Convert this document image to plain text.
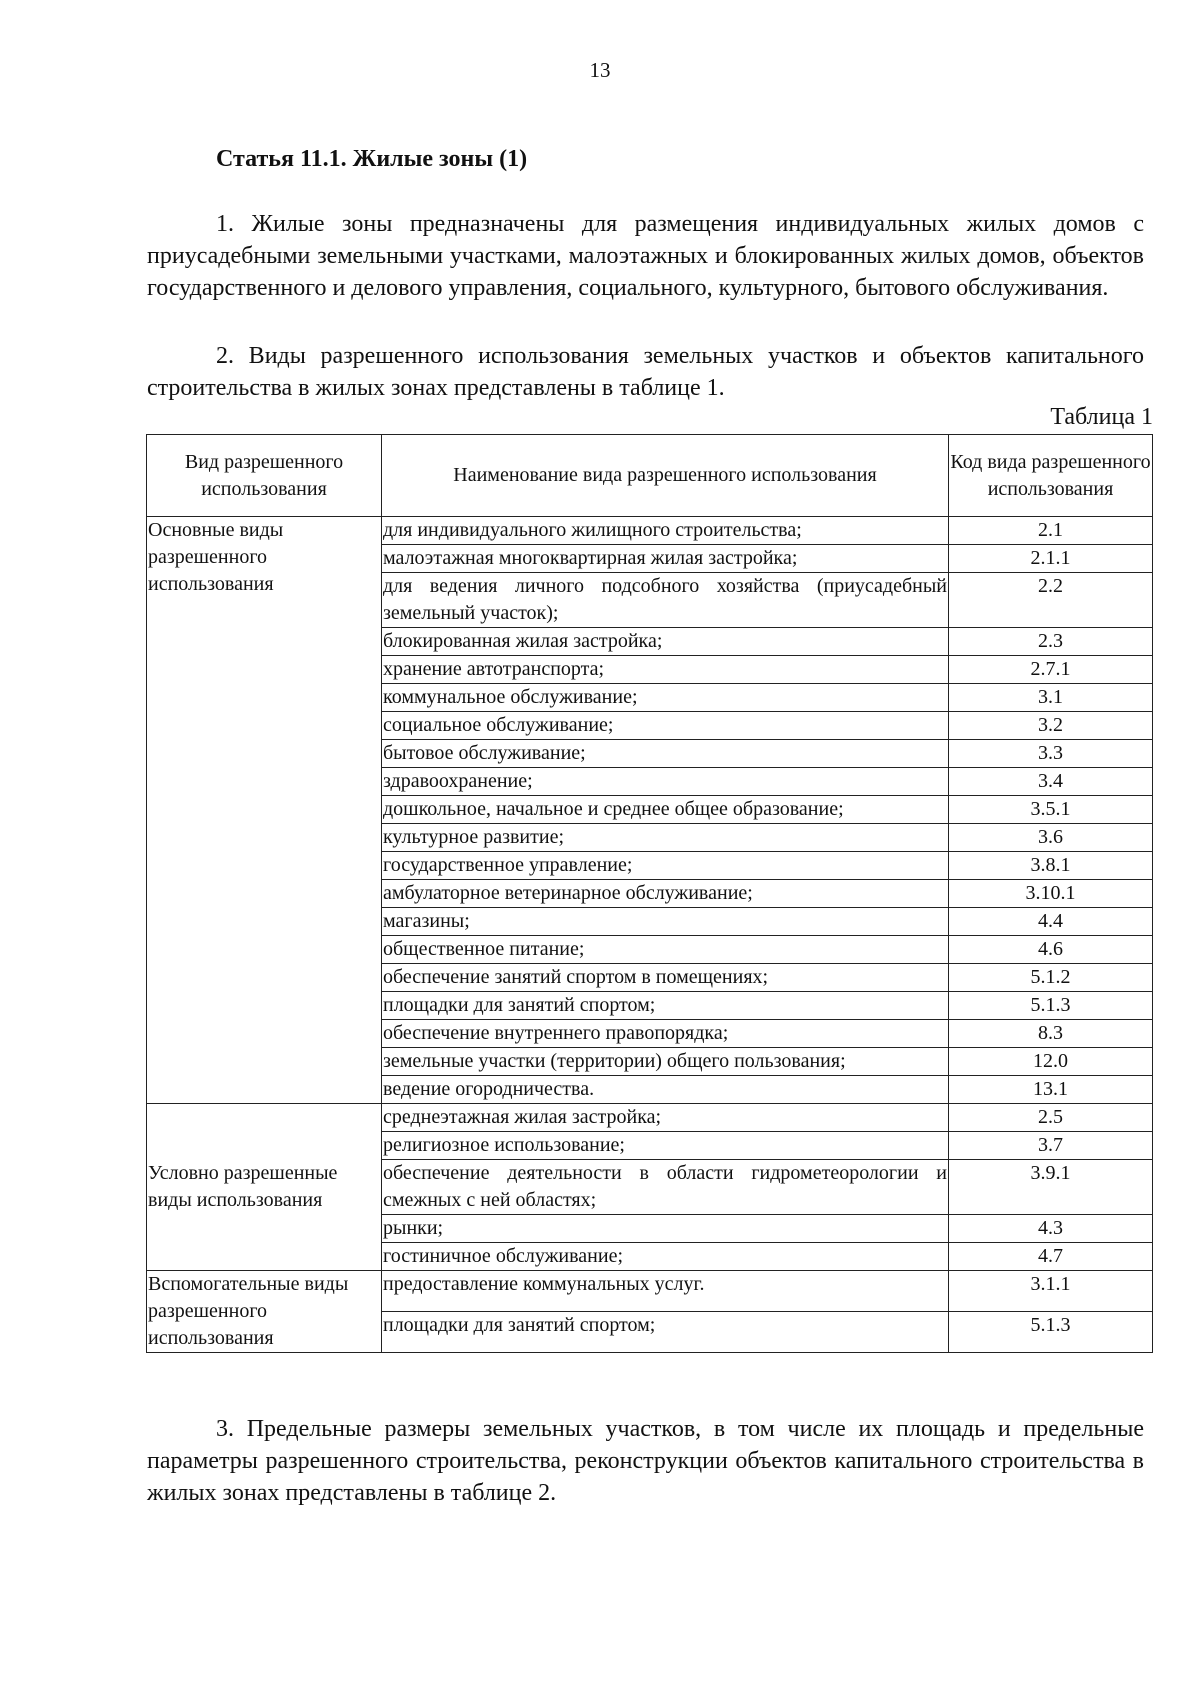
13
Статья 11.1. Жилые зоны (1)

1. Жилые зоны предназначены для размещения индивидуальных жилых домов с приусадебными земельными участками, малоэтажных и блокированных жилых домов, объектов государственного и делового управления, социального, культурного, бытового обслуживания.

2. Виды разрешенного использования земельных участков и объектов капитального строительства в жилых зонах представлены в таблице 1.

Таблица 1
Вид разрешенного использования	Наименование вида разрешенного использования	Код вида разрешенного использования
Основные виды разрешенного использования	для индивидуального жилищного строительства;	2.1
	малоэтажная многоквартирная жилая застройка;	2.1.1
	для ведения личного подсобного хозяйства (приусадебный земельный участок);	2.2
	блокированная жилая застройка;	2.3
	хранение автотранспорта;	2.7.1
	коммунальное обслуживание;	3.1
	социальное обслуживание;	3.2
	бытовое обслуживание;	3.3
	здравоохранение;	3.4
	дошкольное, начальное и среднее общее образование;	3.5.1
	культурное развитие;	3.6
	государственное управление;	3.8.1
	амбулаторное ветеринарное обслуживание;	3.10.1
	магазины;	4.4
	общественное питание;	4.6
	обеспечение занятий спортом в помещениях;	5.1.2
	площадки для занятий спортом;	5.1.3
	обеспечение внутреннего правопорядка;	8.3
	земельные участки (территории) общего пользования;	12.0
	ведение огородничества.	13.1
Условно разрешенные виды использования	среднеэтажная жилая застройка;	2.5
	религиозное использование;	3.7
	обеспечение деятельности в области гидрометеорологии и смежных с ней областях;	3.9.1
	рынки;	4.3
	гостиничное обслуживание;	4.7
Вспомогательные виды разрешенного использования	предоставление коммунальных услуг.	3.1.1
	площадки для занятий спортом;	5.1.3

3. Предельные размеры земельных участков, в том числе их площадь и предельные параметры разрешенного строительства, реконструкции объектов капитального строительства в жилых зонах представлены в таблице 2.
